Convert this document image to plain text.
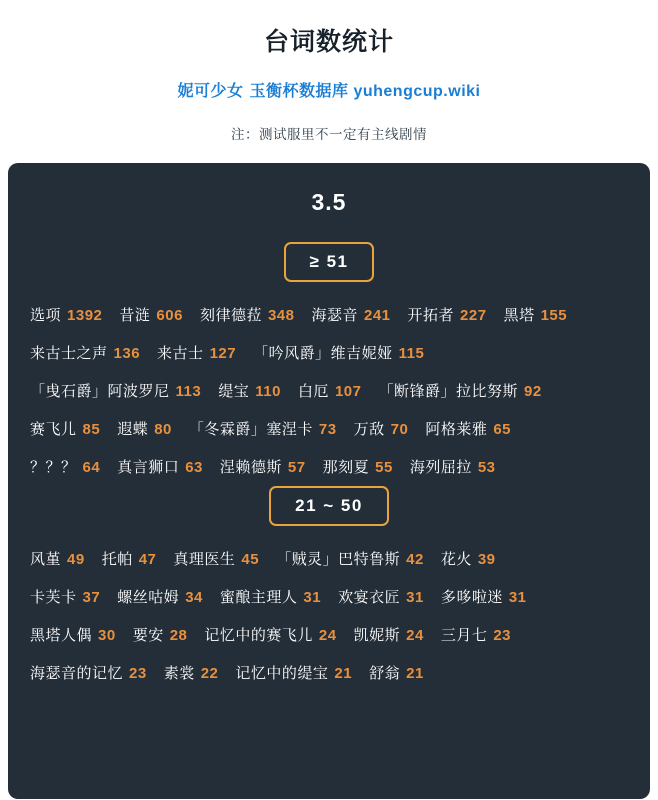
台词数统计
妮可少女 玉衡杯数据库 yuhengcup.wiki
注：测试服里不一定有主线剧情
3.5
≥ 51
选项 1392 昔涟 606 刻律德菈 348 海瑟音 241 开拓者 227 黑塔 155
来古士之声 136 来古士 127 「吟风爵」维吉妮娅 115
「曵石爵」阿波罗尼 113 缇宝 110 白厄 107 「断锋爵」拉比努斯 92
赛飞儿 85 遐蝶 80 「冬霖爵」塞涅卡 73 万敌 70 阿格莱雅 65
？？？ 64 真言狮口 63 涅赖德斯 57 那刻夏 55 海列屈拉 53
21 ~ 50
风堇 49 托帕 47 真理医生 45 「贼灵」巴特鲁斯 42 花火 39
卡芙卡 37 螺丝咕姆 34 蜜酿主理人 31 欢宴衣匠 31 多哆啦迷 31
黑塔人偶 30 要安 28 记忆中的赛飞儿 24 凯妮斯 24 三月七 23
海瑟音的记忆 23 素裳 22 记忆中的缇宝 21 舒翁 21
